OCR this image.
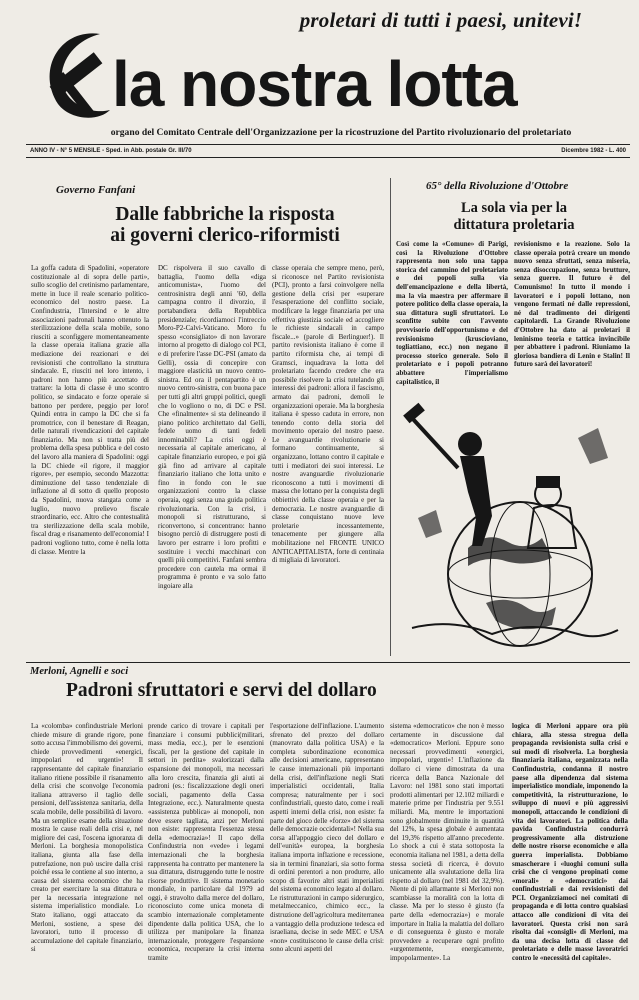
proletari di tutti i paesi, unitevi!
la nostra lotta
organo del Comitato Centrale dell'Organizzazione per la ricostruzione del Partito rivoluzionario del proletariato
ANNO IV - N° 5 MENSILE - Sped. in Abb. postale Gr. III/70	Dicembre 1982 - L. 400
Governo Fanfani
Dalle fabbriche la risposta
ai governi clerico-riformisti

La goffa caduta di Spadolini, «operatore costituzionale al di sopra delle parti», sullo scoglio del cretinismo parlamentare, mette in luce il reale scenario politico-economico del nostro paese. La Confindustria, l'Intersind e le altre associazioni padronali hanno ottenuto la sterilizzazione della scala mobile, sono riusciti a sconfiggere momentaneamente la classe operaia italiana grazie alla mediazione dei reazionari e dei revisionisti che controllano la struttura sindacale. E, riusciti nel loro intento, i padroni non hanno più accettato di trattare: la lotta di classe è uno scontro politico, se sindacato e forze operaie si battono per perdere, peggio per loro! Quindi entra in campo la DC che si fa promotrice, con il benestare di Reagan, delle naturali rivendicazioni del capitale finanziario. Ma non si tratta più del problema della spesa pubblica e del costo del lavoro alla maniera di Spadolini: oggi la DC chiede «il rigore, il maggior rigore», per esempio, secondo Mazzotta: diminuzione del tasso tendenziale di inflazione al di sotto di quello proposto da Spadolini, nuova stangata come a luglio, nuovo prelievo fiscale straordinario, ecc. Altro che contestualità tra sterilizzazione della scala mobile, fiscal drag e risanamento dell'economia! I padroni vogliono tutto, come è nella lotta di classe. Mentre la

DC rispolvera il suo cavallo di battaglia, l'uomo della «diga anticomunista», l'uomo del centrosinistra degli anni '60, della campagna contro il divorzio, il portabandiera della Repubblica presidenziale; ricordiamoci l'intreccio Moro-P2-Calvi-Vaticano. Moro fu spesso «consigliato» di non lavorare intorno al progetto di dialogo col PCI, e di preferire l'asse DC-PSI (amato da Gelli), ossia di concepire con maggiore elasticità un nuovo centro-sinistra. Ed ora il pentapartito è un nuovo centro-sinistra, con buona pace per tutti gli altri gruppi politici, quegli che lo vogliono o no, di DC e PSI. Che «finalmente» si sta delineando il piano politico architettato dal Gelli, fedele uomo di tanti fedeli innominabili? La crisi oggi è necessaria al capitale americano, al capitale finanziario europeo, e poi già già fino ad arrivare al capitale finanziario italiano che lotta unito e fino in fondo con le sue organizzazioni contro la classe operaia, oggi senza una guida politica rivoluzionaria. Con la crisi, i monopoli si ristrutturano, si riconvertono, si concentrano: hanno bisogno perciò di distruggere posti di lavoro per estrarre i loro profitti e sostituire i vecchi macchinari con quelli più competitivi. Fanfani sembra procedere con cautela ma ormai il programma è pronto e va solo fatto ingoiare alla

classe operaia che sempre meno, però, si riconosce nel Partito revisionista (PCI), pronto a farsi coinvolgere nella gestione della crisi per «superare l'esasperazione del conflitto sociale, modificare la legge finanziaria per una effettiva giustizia sociale ed accogliere le richieste sindacali in campo fiscale...» (parole di Berlinguer!). Il partito revisionista italiano è come il partito riformista che, ai tempi di Gramsci, inquadrava la lotta del proletariato facendo credere che era possibile risolvere la crisi tutelando gli interessi dei padroni: allora il fascismo, armato dai padroni, demolì le organizzazioni operaie. Ma la borghesia italiana è spesso caduta in errore, non tenendo conto della storia del movimento operaio del nostro paese. Le avanguardie rivoluzionarie si formano continuamente, si organizzano, lottano contro il capitale e tutti i mediatori dei suoi interessi. Le nostre avanguardie rivoluzionarie riconoscono a tutti i movimenti di massa che lottano per la conquista degli obbiettivi della classe operaia e per la democrazia. Le nostre avanguardie di classe conquistano nuove leve proletarie incessantemente, tenacemente per giungere alla mobilitazione nel FRONTE UNICO ANTICAPITALISTA, forte di centinaia di migliaia di lavoratori.

65° della Rivoluzione d'Ottobre
La sola via per la
dittatura proletaria

Così come la «Comune» di Parigi, così la Rivoluzione d'Ottobre rappresenta non solo una tappa storica del cammino del proletariato e dei popoli sulla via dell'emancipazione e della libertà, ma la via maestra per affermare il potere politico della classe operaia, la sua dittatura sugli sfruttatori. Lo sconfitte subite con l'avvento provvisorio dell'opportunismo e del revisionismo (kruscioviano, togliattiano, ecc.) non negano il processo storico generale. Solo il proletariato e i popoli potranno abbattere l'imperialismo capitalistico, il

revisionismo e la reazione. Solo la classe operaia potrà creare un mondo nuovo senza sfruttati, senza miseria, senza disoccupazione, senza brutture, senza guerre. Il futuro è del Comunismo! In tutto il mondo i lavoratori e i popoli lottano, non vengono fermati né dalle repressioni, né dal tradimento dei dirigenti capitolardi. La Grande Rivoluzione d'Ottobre ha dato ai proletari il leninismo teoria e tattica invincibile per abbattere i padroni. Riuniamo la gloriosa bandiera di Lenin e Stalin! Il futuro sarà dei lavoratori!

Merloni, Agnelli e soci
Padroni sfruttatori e servi del dollaro

La «colomba» confindustriale Merloni chiede misure di grande rigore, pone sotto accusa l'immobilismo dei governi, chiede provvedimenti «energici, impopolari ed urgenti»! Il rappresentante del capitale finanziario italiano ritiene possibile il risanamento della crisi che sconvolge l'economia italiana attraverso il taglio delle pensioni, dell'assistenza sanitaria, della scala mobile, delle possibilità di lavoro. Ma un semplice esame della situazione mostra le cause reali della crisi e, nel migliore dei casi, l'oscena ignoranza di Merloni. La borghesia monopolistica italiana, giunta alla fase della putrefazione, non può uscire dalla crisi poiché essa le contiene al suo interno, a causa del sistema economico che ha creato per esercitare la sua dittatura e per la necessaria integrazione nel sistema imperialistico mondiale. Lo Stato italiano, oggi attaccato da Merloni, sostiene, a spese dei lavoratori, tutto il processo di accumulazione del capitale finanziario, si

prende carico di trovare i capitali per finanziare i consumi pubblici(militari, mass media, ecc.), per le esenzioni fiscali, per la gestione del capitale in settori in perdita» svalorizzati dalla espansione dei monopoli, ma necessari alla loro crescita, finanzia gli aiuti ai padroni (es.: fiscalizzazione degli oneri sociali, pagamento della Cassa Integrazione, ecc.). Naturalmente questa «assistenza pubblica» ai monopoli, non deve essere tagliata, anzi per Merloni non esiste: rappresenta l'essenza stessa della «democrazia»! Il capo della Confindustria non «vede» i legami internazionali che la borghesia rappresenta ha contratto per mantenere la sua dittatura, distruggendo tutte le nostre risorse produttive. Il sistema monetario mondiale, in particolare dal 1979 ad oggi, è stravolto dalla merce del dollaro, riconosciuto come unica moneta di scambio internazionale completamente dipendente dalla politica USA, che lo utilizza per manipolare la finanza internazionale, proteggere l'espansione economica, recuperare la crisi interna tramite

l'esportazione dell'inflazione. L'aumento sfrenato del prezzo del dollaro (manovrato dalla politica USA) e la completa subordinazione economica alle decisioni americane, rappresentano le cause internazionali più importanti della crisi, dell'inflazione negli Stati imperialistici occidentali, Italia compresa; naturalmente per i soci confindustriali, questo dato, come i reali aspetti interni della crisi, non esiste: fa parte del gioco delle «forze» del sistema delle democrazie occidentali»! Nella sua corsa all'appoggio cieco del dollaro e dell'«unità» europea, la borghesia italiana importa inflazione e recessione, sia in termini finanziari, sia sotto forma di ordini perentori a non produrre, allo scopo di favorire altri stati imperialisti del sistema economico legato al dollaro. Le ristrutturazioni in campo siderurgico, metalmeccanico, chimico ecc., la distruzione dell'agricoltura mediterranea a vantaggio della produzione tedesca ed israeliana, decise in sede MEC e USA «non» costituiscono le cause della crisi: sono alcuni aspetti del

sistema «democratico» che non è messo certamente in discussione dal «democratico» Merloni. Eppure sono necessari provvedimenti «energici, impopolari, urgenti»! L'inflazione da dollaro ci viene dimostrata da una ricerca della Banca Nazionale del Lavoro: nel 1981 sono stati importati prodotti alimentari per 12.102 miliardi e materie prime per l'industria per 9.551 miliardi. Ma, mentre le importazioni sono globalmente diminuite in quantità del 12%, la spesa globale è aumentata del 19,3% rispetto all'anno precedente. Lo shock a cui è stata sottoposta la economia italiana nel 1981, a detta della stessa società di ricerca, è dovuto unicamente alla svalutazione della lira rispetto al dollaro (nel 1981 del 32,9%). Niente di più allarmante si Merloni non scambiasse la moralità con la lotta di classe. Ma per lo stesso è giusto (fa parte della «democrazia») e morale importare in Italia la malattia del dollaro e di conseguenza è giusto e morale provvedere a recuperare ogni profitto «urgentemente, energicamente, impopolarmente». La

logica di Merloni appare ora più chiara, alla stessa stregua della propaganda revisionista sulla crisi e sui modi di risolverla. La borghesia finanziaria italiana, organizzata nella Confindustria, condanna il nostro paese alla dipendenza dal sistema imperialistico mondiale, imponendo la competitività, la ristrutturazione, lo sviluppo di nuovi e più aggressivi monopoli, attaccando le condizioni di vita dei lavoratori. La politica della pavida Confindustria condurrà progressivamente alla distruzione delle nostre risorse economiche e alla guerra imperialista. Dobbiamo smascherare i «luoghi comuni sulla crisi che ci vengono propinati come «morali» e «democratici» dai confindustriali e dai revisionisti del PCI. Organizziamoci nei comitati di propaganda e di lotta contro qualsiasi attacco alle condizioni di vita dei lavoratori. Questa crisi non sarà risolta dai «consigli» di Merloni, ma da una decisa lotta di classe del proletariato e delle masse lavoratrici contro le «necessità del capitale».
